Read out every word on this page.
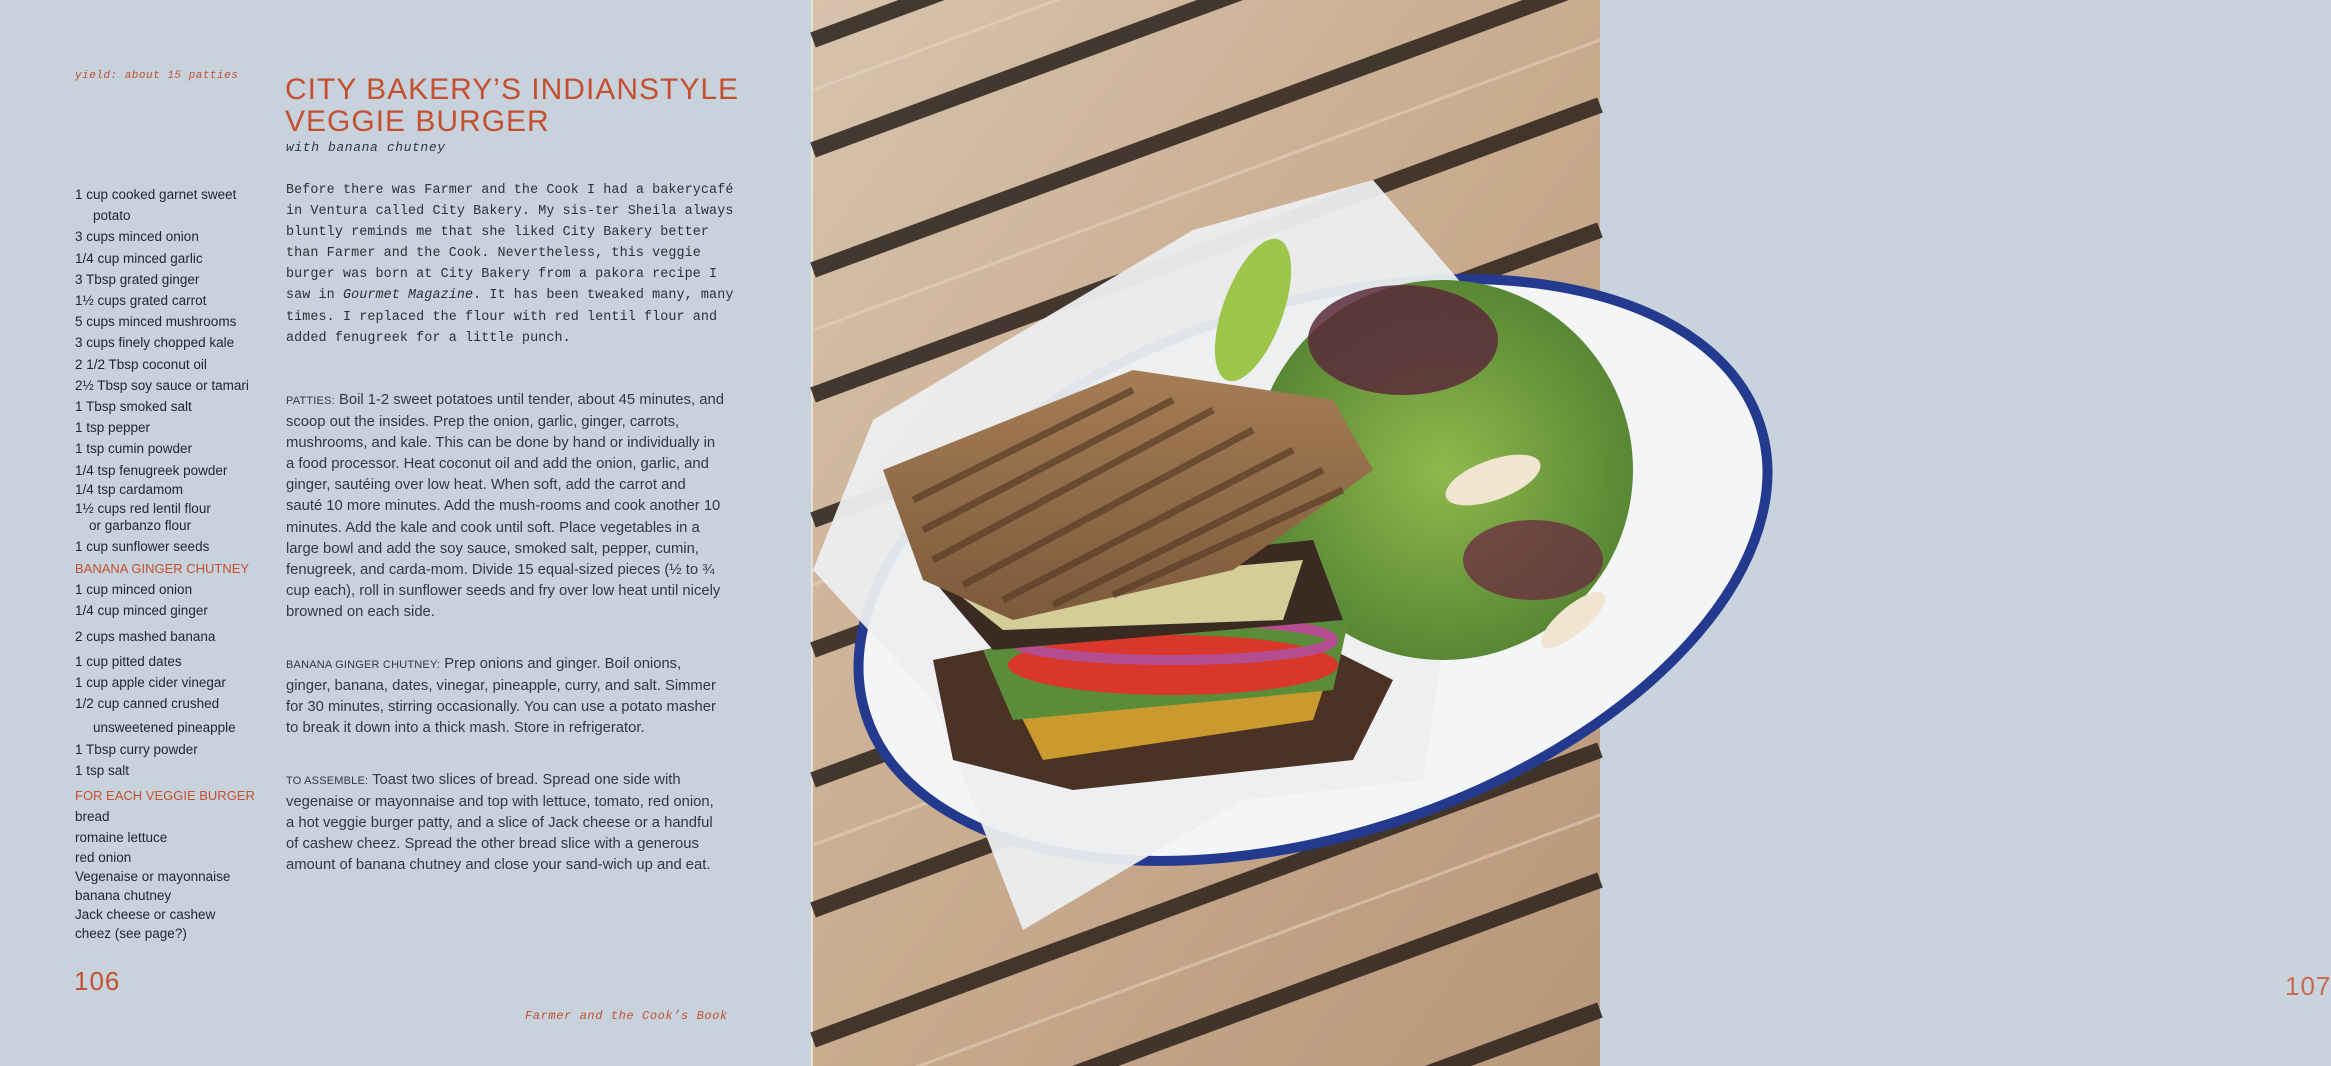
yield: about 15 patties CITY BAKERY’S INDIANSTYLE
VEGGIE BURGER
with banana chutney
1 cup cooked garnet sweet
potato
3 cups minced onion
1/4 cup minced garlic
3 Tbsp grated ginger
1½ cups grated carrot
5 cups minced mushrooms
3 cups finely chopped kale
2 1/2 Tbsp coconut oil
2½ Tbsp soy sauce or tamari
1 Tbsp smoked salt
1 tsp pepper
1 tsp cumin powder
1/4 tsp fenugreek powder
1/4 tsp cardamom
1½ cups red lentil flour
or garbanzo flour
1 cup sunflower seeds
BANANA GINGER CHUTNEY
1 cup minced onion
1/4 cup minced ginger
2 cups mashed banana
1 cup pitted dates
1 cup apple cider vinegar
1/2 cup canned crushed
unsweetened pineapple
1 Tbsp curry powder
1 tsp salt
FOR EACH VEGGIE BURGER
bread
romaine lettuce
red onion
Vegenaise or mayonnaise
banana chutney
Jack cheese or cashew
cheez (see page?)

Before there was Farmer and the Cook I had a bakerycafé in Ventura called City Bakery. My sis-ter Sheila always bluntly reminds me that she liked City Bakery better than Farmer and the Cook. Nevertheless, this veggie burger was born at City Bakery from a pakora recipe I saw in Gourmet Magazine. It has been tweaked many, many times. I replaced the flour with red lentil flour and added fenugreek for a little punch.

PATTIES: Boil 1-2 sweet potatoes until tender, about 45 minutes, and scoop out the insides. Prep the onion, garlic, ginger, carrots, mushrooms, and kale. This can be done by hand or individually in a food processor. Heat coconut oil and add the onion, garlic, and ginger, sautéing over low heat. When soft, add the carrot and sauté 10 more minutes. Add the mush-rooms and cook another 10 minutes. Add the kale and cook until soft. Place vegetables in a large bowl and add the soy sauce, smoked salt, pepper, cumin, fenugreek, and carda-mom. Divide 15 equal-sized pieces (½ to ¾ cup each), roll in sunflower seeds and fry over low heat until nicely browned on each side.

BANANA GINGER CHUTNEY: Prep onions and ginger. Boil onions, ginger, banana, dates, vinegar, pineapple, curry, and salt. Simmer for 30 minutes, stirring occasionally. You can use a potato masher to break it down into a thick mash. Store in refrigerator.

TO ASSEMBLE: Toast two slices of bread. Spread one side with vegenaise or mayonnaise and top with lettuce, tomato, red onion, a hot veggie burger patty, and a slice of Jack cheese or a handful of cashew cheez. Spread the other bread slice with a generous amount of banana chutney and close your sand-wich up and eat.

106
Farmer and the Cook’s Book
107
